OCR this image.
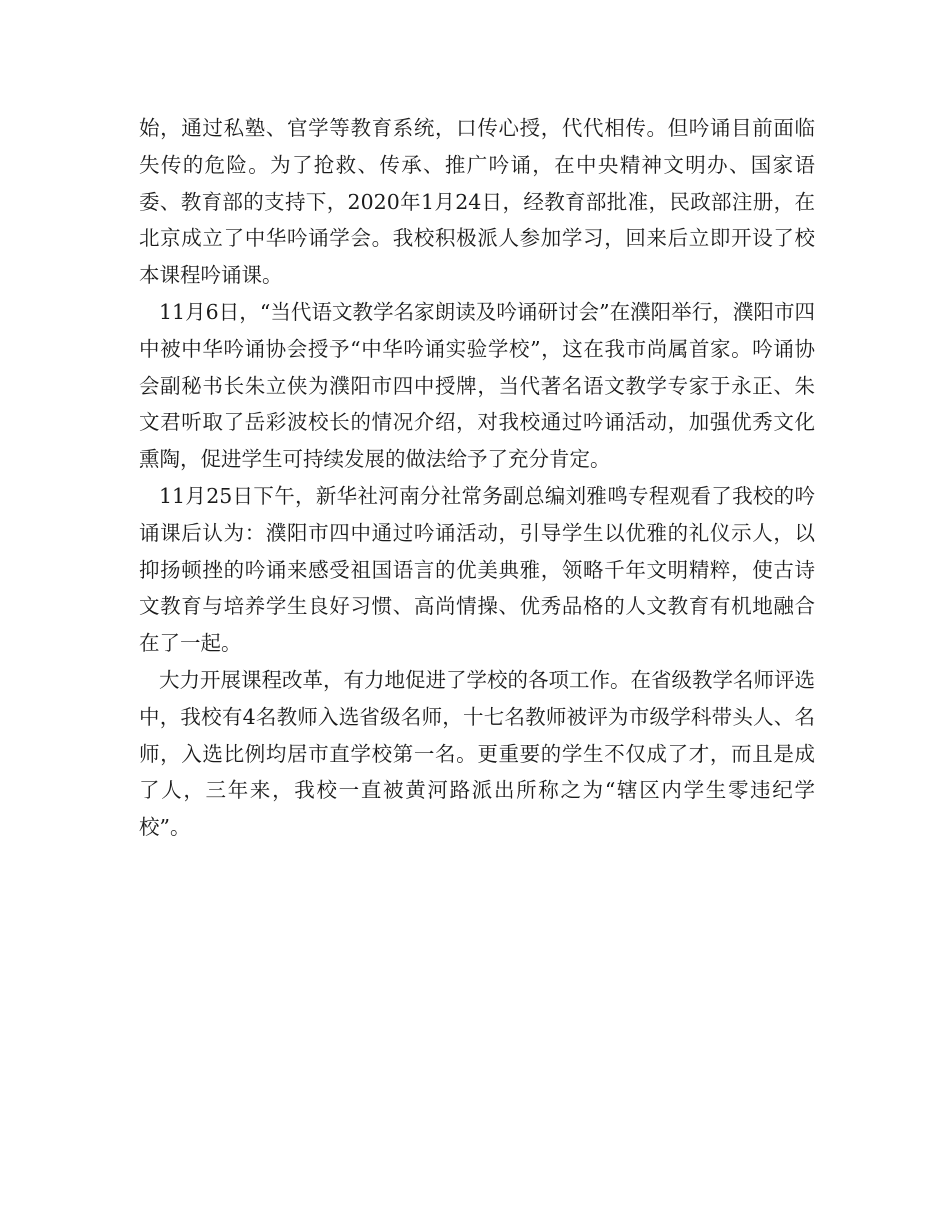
始，通过私塾、官学等教育系统，口传心授，代代相传。但吟诵目前面临失传的危险。为了抢救、传承、推广吟诵，在中央精神文明办、国家语委、教育部的支持下，2020年1月24日，经教育部批准，民政部注册，在北京成立了中华吟诵学会。我校积极派人参加学习，回来后立即开设了校本课程吟诵课。

11月6日，“当代语文教学名家朗读及吟诵研讨会”在濮阳举行，濮阳市四中被中华吟诵协会授予“中华吟诵实验学校”，这在我市尚属首家。吟诵协会副秘书长朱立侠为濮阳市四中授牌，当代著名语文教学专家于永正、朱文君听取了岳彩波校长的情况介绍，对我校通过吟诵活动，加强优秀文化熏陶，促进学生可持续发展的做法给予了充分肯定。

11月25日下午，新华社河南分社常务副总编刘雅鸣专程观看了我校的吟诵课后认为：濮阳市四中通过吟诵活动，引导学生以优雅的礼仪示人，以抑扬顿挫的吟诵来感受祖国语言的优美典雅，领略千年文明精粹，使古诗文教育与培养学生良好习惯、高尚情操、优秀品格的人文教育有机地融合在了一起。

大力开展课程改革，有力地促进了学校的各项工作。在省级教学名师评选中，我校有4名教师入选省级名师，十七名教师被评为市级学科带头人、名师，入选比例均居市直学校第一名。更重要的学生不仅成了才，而且是成了人，三年来，我校一直被黄河路派出所称之为“辖区内学生零违纪学校”。
